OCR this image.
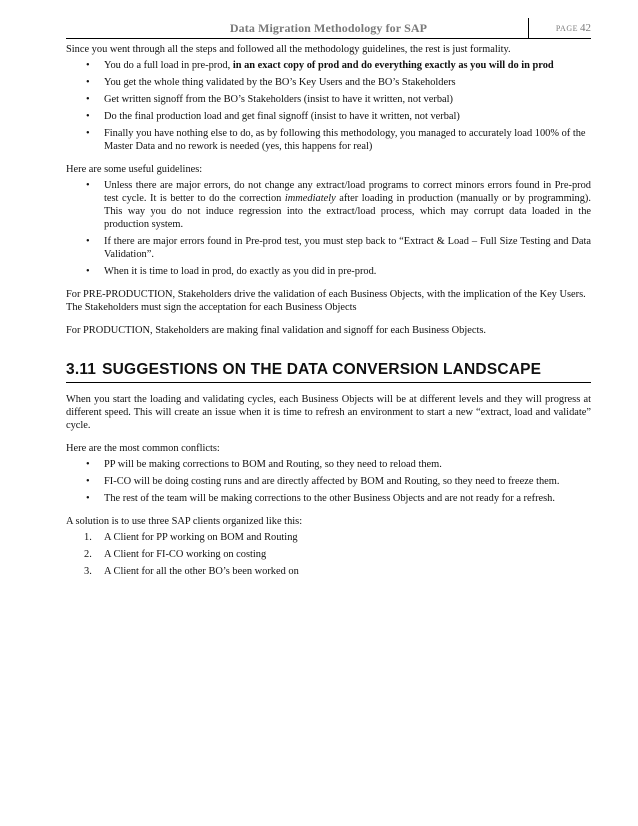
Data Migration Methodology for SAP	PAGE 42

Since you went through all the steps and followed all the methodology guidelines, the rest is just formality.

• You do a full load in pre-prod, in an exact copy of prod and do everything exactly as you will do in prod
• You get the whole thing validated by the BO’s Key Users and the BO’s Stakeholders
• Get written signoff from the BO’s Stakeholders (insist to have it written, not verbal)
• Do the final production load and get final signoff (insist to have it written, not verbal)
• Finally you have nothing else to do, as by following this methodology, you managed to accurately load 100% of the Master Data and no rework is needed (yes, this happens for real)

Here are some useful guidelines:

• Unless there are major errors, do not change any extract/load programs to correct minors errors found in Pre-prod test cycle. It is better to do the correction immediately after loading in production (manually or by programming). This way you do not induce regression into the extract/load process, which may corrupt data loaded in the production system.
• If there are major errors found in Pre-prod test, you must step back to “Extract & Load – Full Size Testing and Data Validation”.
• When it is time to load in prod, do exactly as you did in pre-prod.

For PRE-PRODUCTION, Stakeholders drive the validation of each Business Objects, with the implication of the Key Users. The Stakeholders must sign the acceptation for each Business Objects

For PRODUCTION, Stakeholders are making final validation and signoff for each Business Objects.

3.11 SUGGESTIONS ON THE DATA CONVERSION LANDSCAPE

When you start the loading and validating cycles, each Business Objects will be at different levels and they will progress at different speed. This will create an issue when it is time to refresh an environment to start a new “extract, load and validate” cycle.

Here are the most common conflicts:

• PP will be making corrections to BOM and Routing, so they need to reload them.
• FI-CO will be doing costing runs and are directly affected by BOM and Routing, so they need to freeze them.
• The rest of the team will be making corrections to the other Business Objects and are not ready for a refresh.

A solution is to use three SAP clients organized like this:

1. A Client for PP working on BOM and Routing
2. A Client for FI-CO working on costing
3. A Client for all the other BO’s been worked on
